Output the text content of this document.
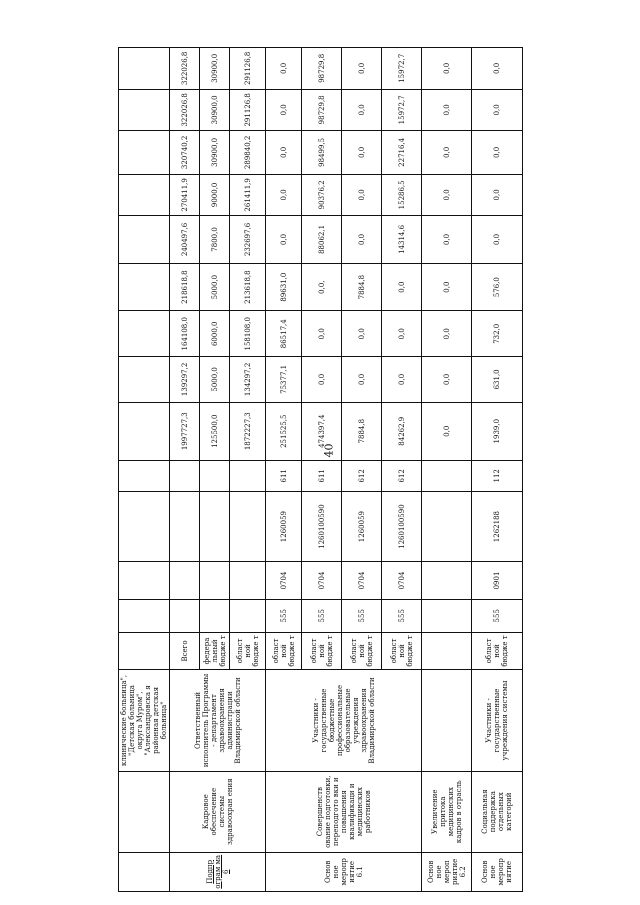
40
		клинические больница", "Детская больница округа Муром", "Александровска я районная детская больница"														
Подпр ограм ма 6	Кадровое обеспечение системы здравоохран ения	Ответственный исполнитель Программы - департамент здравоохранения администрации Владимирской области	Всего					1997727,3	139297,2	164108,0	218618,8	240497,6	270411,9	320740,2	322026,8	322026,8
			федера льный бюдже т					125500,0	5000,0	6000,0	5000,0	7800,0	9000,0	30900,0	30900,0	30900,0
			област ной бюдже т					1872227,3	134297,2	158108,0	213618,8	232697,6	261411,9	289840,2	291126,8	291126,8
Основ ное меропр иятие 6.1	Совершенств ование подготовки, переподгото вки и повышения квалификаци и медицинских работников	Участники - государственные бюджетные профессиональные образовательные учреждения здравоохранения Владимирской области	област ной бюдже т	555	0704	1260059	611	251525,5	75377,1	86517,4	89631,0	0,0	0,0	0,0	0,0	0,0
			област ной бюдже т	555	0704	1260100590	611	474397,4	0,0	0,0	0,0,	88062,1	90376,2	98499,5	98729,8	98729,8
			област ной бюдже т	555	0704	1260059	612	7884,8	0,0	0,0	7884,8	0,0	0,0	0,0	0,0	0,0
			област ной бюдже т	555	0704	1260100590	612	84262,9	0,0	0,0	0,0	14314,6	15286,5	22716,4	15972,7	15972,7
Основ ное мероп риятие 6.2	Увеличение притока медицинских кадров в отрасль							0,0	0,0	0,0	0,0	0,0	0,0	0,0	0,0	0,0
Основ ное меропр иятие	Социальная поддержка отдельных категорий	Участники - государственные учреждения системы	област ной бюдже т	555	0901	1262188	112	1939,0	631,0	732,0	576,0	0,0	0,0	0,0	0,0	0,0
